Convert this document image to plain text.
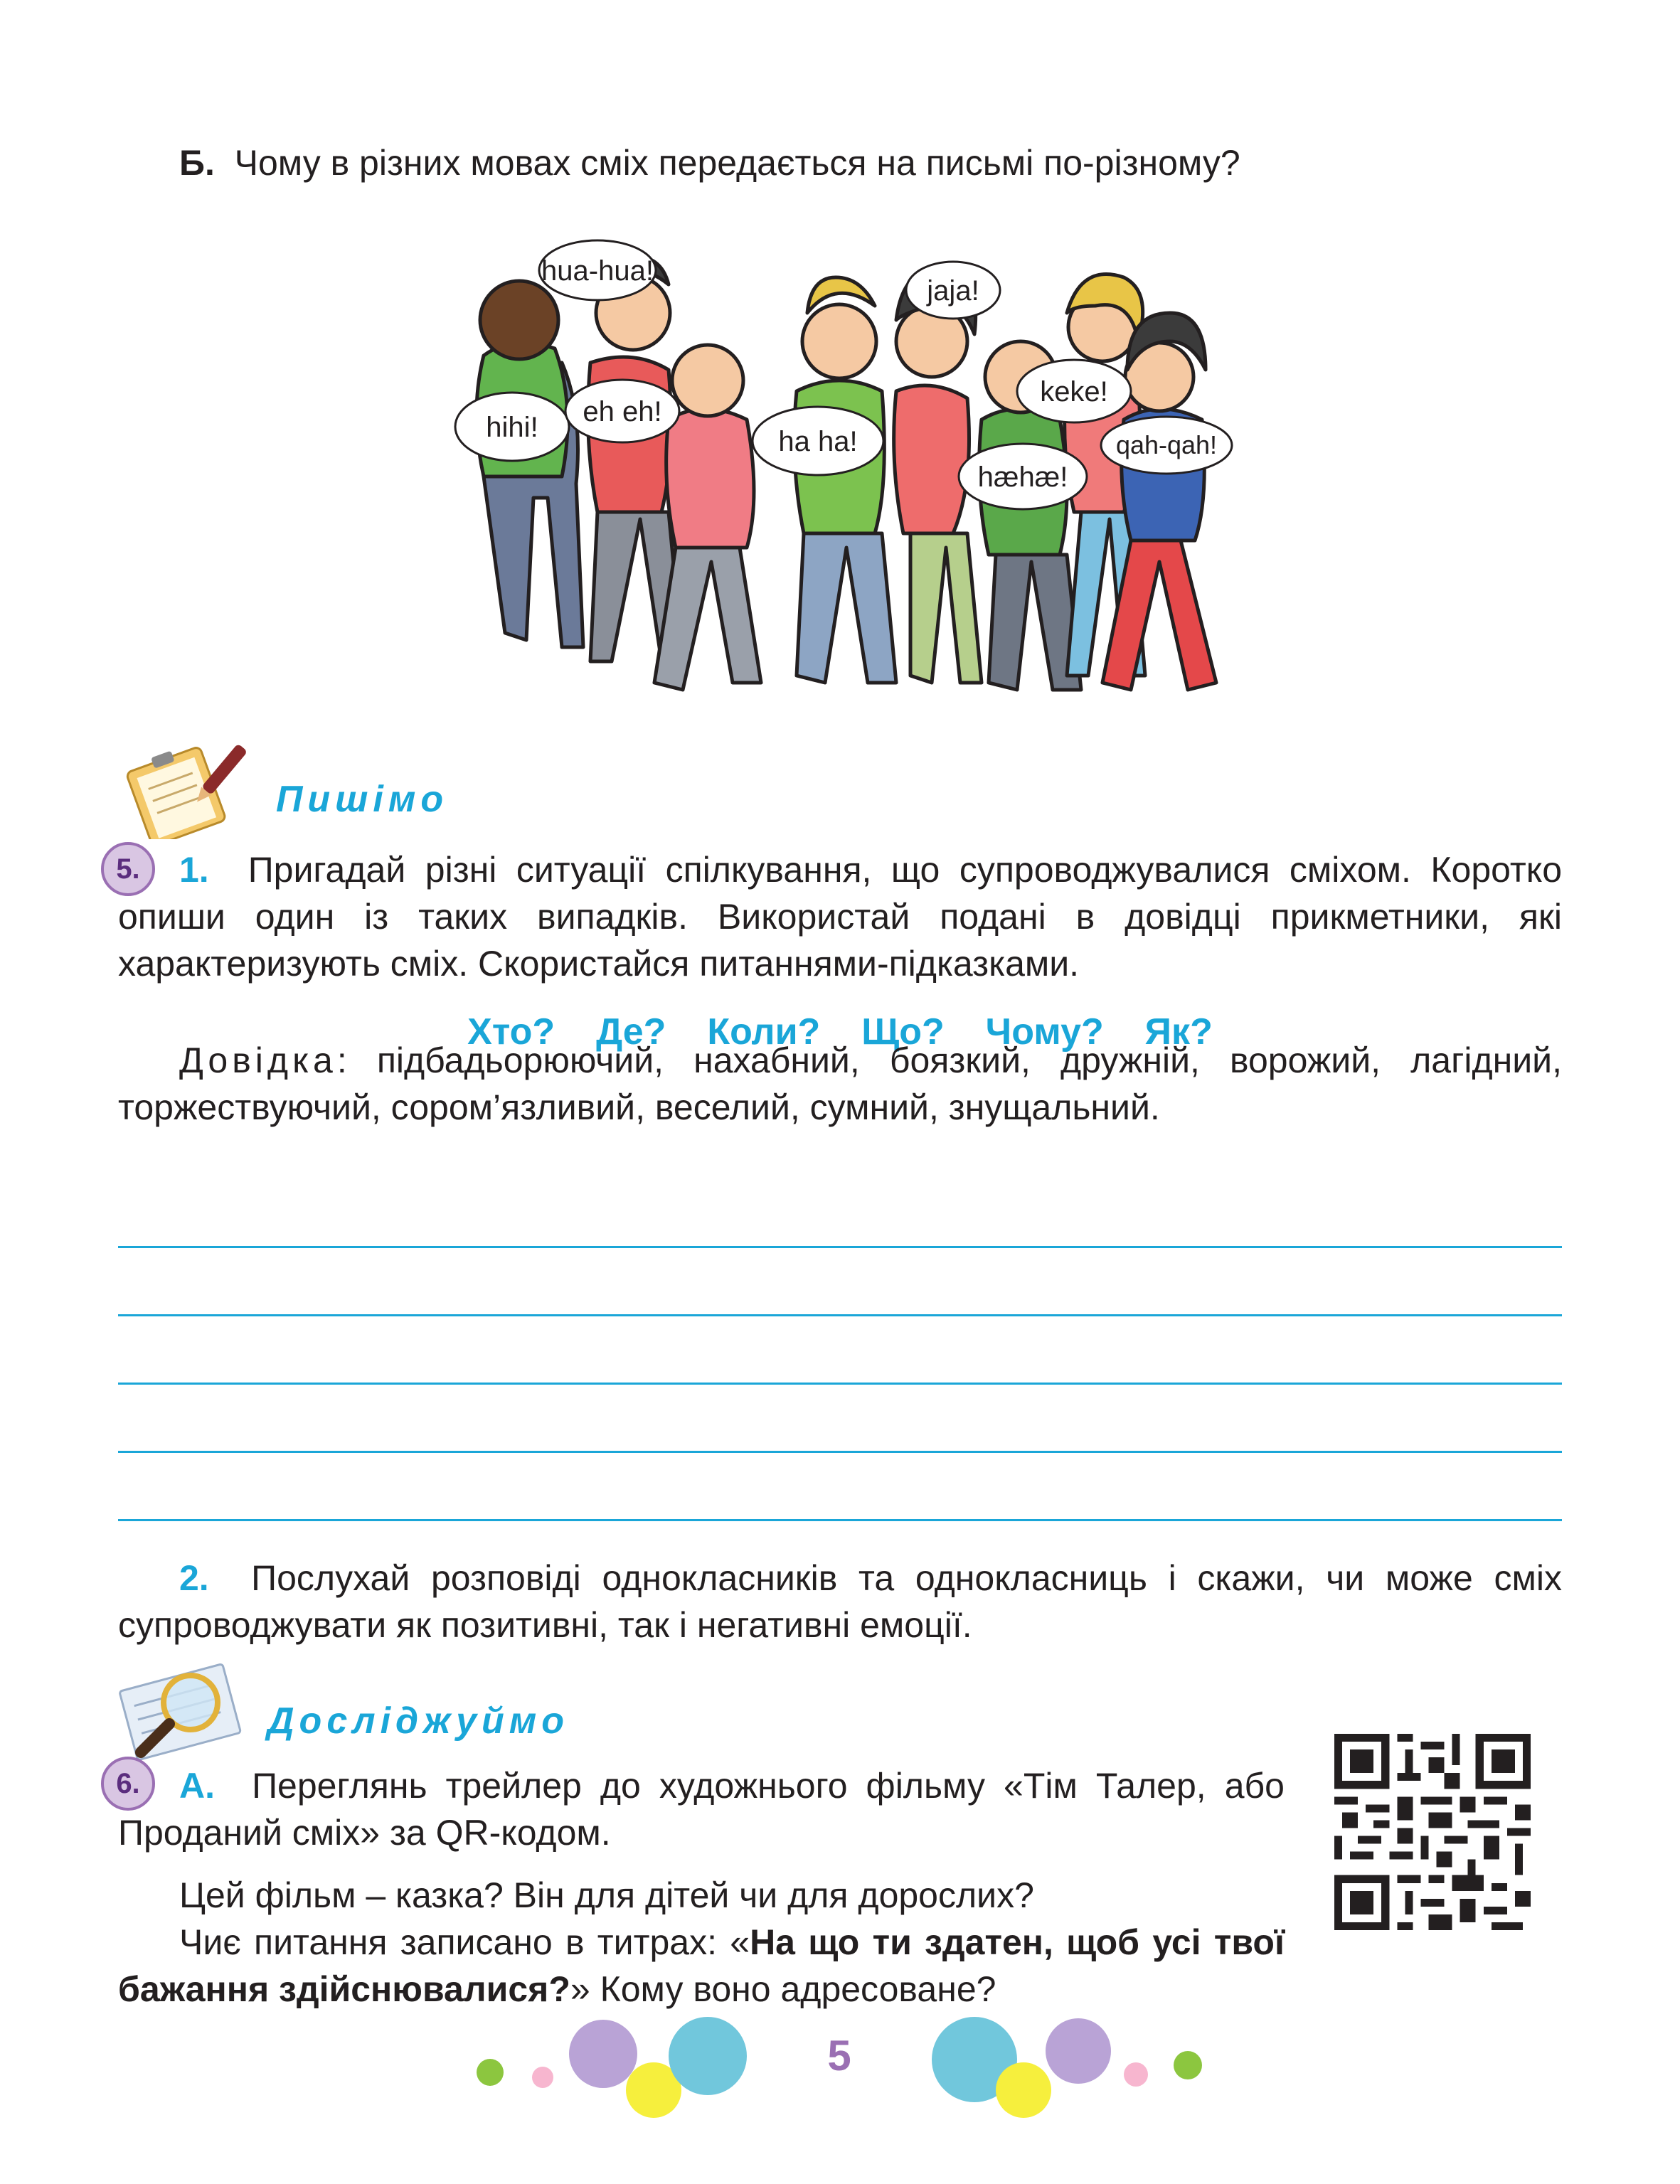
Б. Чому в різних мовах сміх передається на письмі по-різному?

hua-hua!
hihi! eh eh!
ha ha!
jaja!
keke!
hæhæ!
qah-qah!
Пишімо
5.	1. Пригадай різні ситуації спілкування, що супроводжувалися сміхом. Коротко опиши один із таких випадків. Використай подані в довідці прикметники, які характеризують сміх. Скористайся питаннями-підказками.

Хто? Де? Коли? Що? Чому? Як?

Довідка: підбадьорюючий, нахабний, боязкий, дружній, ворожий, лагідний, торжествуючий, сором’язливий, веселий, сумний, знущальний.

2. Послухай розповіді однокласників та однокласниць і скажи, чи може сміх супроводжувати як позитивні, так і негативні емоції.

Досліджуймо
6.	А. Переглянь трейлер до художнього фільму «Тім Талер, або Проданий сміх» за QR-кодом.

Цей фільм – казка? Він для дітей чи для дорослих?

Чиє питання записано в титрах: «На що ти здатен, щоб усі твої бажання здійснювалися?» Кому воно адресоване?

5
